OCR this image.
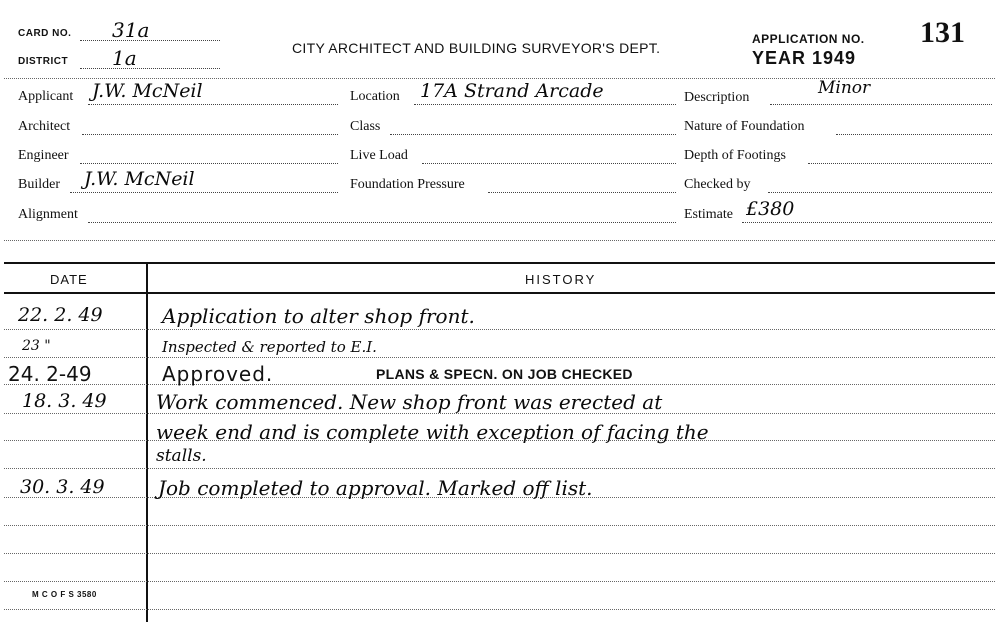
CARD NO. 31a
DISTRICT 1a	CITY ARCHITECT AND BUILDING SURVEYOR'S DEPT.
APPLICATION NO. 131
YEAR 1949
Applicant J.W. McNeil	Location 17A Strand Arcade	Description	Minor
Architect	Class	Nature of Foundation
Engineer	Live Load	Depth of Footings
Builder J.W. McNeil	Foundation Pressure	Checked by
Alignment	Estimate £380
DATE	HISTORY
22. 2. 49	Application to alter shop front.
23 "	Inspected & reported to E.I.
24. 2-49	Approved.	PLANS & SPECN. ON JOB CHECKED
18. 3. 49 Work commenced. New shop front was erected at
week end and is complete with exception of facing the
stalls.
30. 3. 49	Job completed to approval. Marked off list.
M C O F S 3580
